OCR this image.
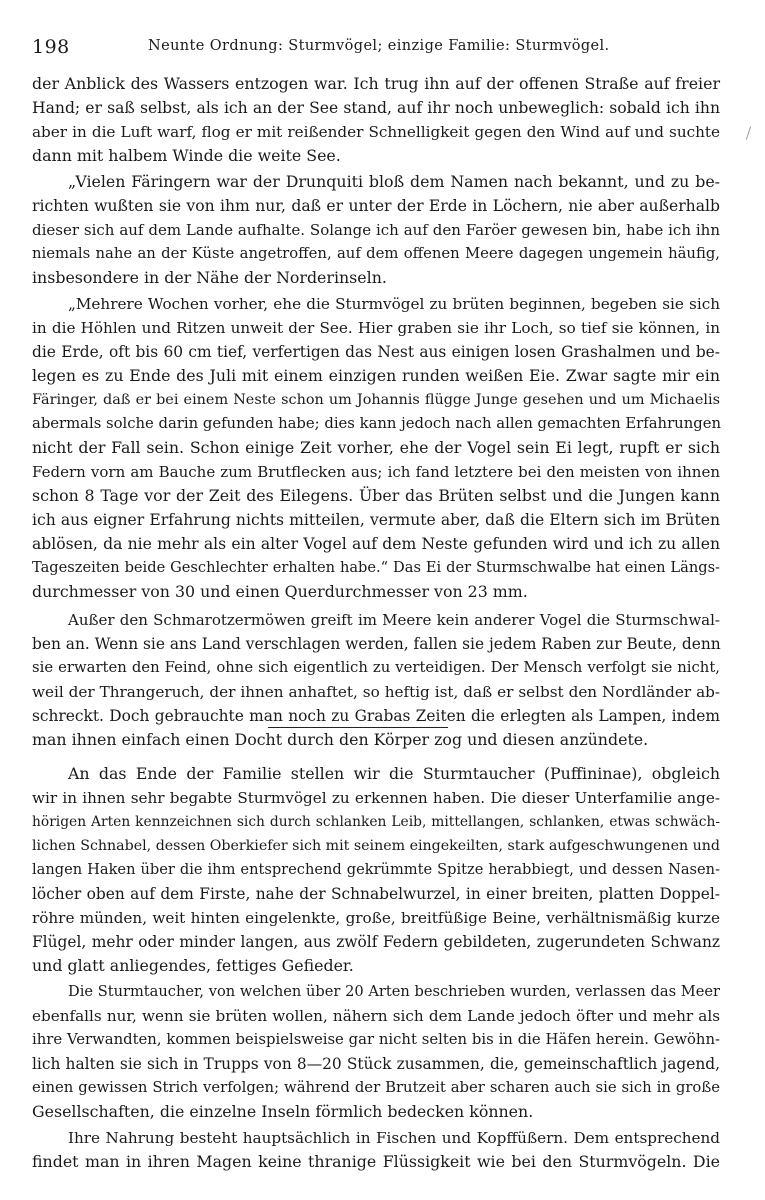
198	Neunte Ordnung: Sturmvögel; einzige Familie: Sturmvögel.
der Anblick des Wassers entzogen war. Ich trug ihn auf der offenen Straße auf freier
Hand; er saß selbst, als ich an der See stand, auf ihr noch unbeweglich: sobald ich ihn
aber in die Luft warf, flog er mit reißender Schnelligkeit gegen den Wind auf und suchte
dann mit halbem Winde die weite See.
„Vielen Färingern war der Drunquiti bloß dem Namen nach bekannt, und zu be-
richten wußten sie von ihm nur, daß er unter der Erde in Löchern, nie aber außerhalb
dieser sich auf dem Lande aufhalte. Solange ich auf den Faröer gewesen bin, habe ich ihn
niemals nahe an der Küste angetroffen, auf dem offenen Meere dagegen ungemein häufig,
insbesondere in der Nähe der Norderinseln.
„Mehrere Wochen vorher, ehe die Sturmvögel zu brüten beginnen, begeben sie sich
in die Höhlen und Ritzen unweit der See. Hier graben sie ihr Loch, so tief sie können, in
die Erde, oft bis 60 cm tief, verfertigen das Nest aus einigen losen Grashalmen und be-
legen es zu Ende des Juli mit einem einzigen runden weißen Eie. Zwar sagte mir ein
Färinger, daß er bei einem Neste schon um Johannis flügge Junge gesehen und um Michaelis
abermals solche darin gefunden habe; dies kann jedoch nach allen gemachten Erfahrungen
nicht der Fall sein. Schon einige Zeit vorher, ehe der Vogel sein Ei legt, rupft er sich
Federn vorn am Bauche zum Brutflecken aus; ich fand letztere bei den meisten von ihnen
schon 8 Tage vor der Zeit des Eilegens. Über das Brüten selbst und die Jungen kann
ich aus eigner Erfahrung nichts mitteilen, vermute aber, daß die Eltern sich im Brüten
ablösen, da nie mehr als ein alter Vogel auf dem Neste gefunden wird und ich zu allen
Tageszeiten beide Geschlechter erhalten habe.“ Das Ei der Sturmschwalbe hat einen Längs-
durchmesser von 30 und einen Querdurchmesser von 23 mm.
Außer den Schmarotzermöwen greift im Meere kein anderer Vogel die Sturmschwal-
ben an. Wenn sie ans Land verschlagen werden, fallen sie jedem Raben zur Beute, denn
sie erwarten den Feind, ohne sich eigentlich zu verteidigen. Der Mensch verfolgt sie nicht,
weil der Thrangeruch, der ihnen anhaftet, so heftig ist, daß er selbst den Nordländer ab-
schreckt. Doch gebrauchte man noch zu Grabas Zeiten die erlegten als Lampen, indem
man ihnen einfach einen Docht durch den Körper zog und diesen anzündete.
An das Ende der Familie stellen wir die Sturmtaucher (Puffininae), obgleich
wir in ihnen sehr begabte Sturmvögel zu erkennen haben. Die dieser Unterfamilie ange-
hörigen Arten kennzeichnen sich durch schlanken Leib, mittellangen, schlanken, etwas schwäch-
lichen Schnabel, dessen Oberkiefer sich mit seinem eingekeilten, stark aufgeschwungenen und
langen Haken über die ihm entsprechend gekrümmte Spitze herabbiegt, und dessen Nasen-
löcher oben auf dem Firste, nahe der Schnabelwurzel, in einer breiten, platten Doppel-
röhre münden, weit hinten eingelenkte, große, breitfüßige Beine, verhältnismäßig kurze
Flügel, mehr oder minder langen, aus zwölf Federn gebildeten, zugerundeten Schwanz
und glatt anliegendes, fettiges Gefieder.
Die Sturmtaucher, von welchen über 20 Arten beschrieben wurden, verlassen das Meer
ebenfalls nur, wenn sie brüten wollen, nähern sich dem Lande jedoch öfter und mehr als
ihre Verwandten, kommen beispielsweise gar nicht selten bis in die Häfen herein. Gewöhn-
lich halten sie sich in Trupps von 8—20 Stück zusammen, die, gemeinschaftlich jagend,
einen gewissen Strich verfolgen; während der Brutzeit aber scharen auch sie sich in große
Gesellschaften, die einzelne Inseln förmlich bedecken können.
Ihre Nahrung besteht hauptsächlich in Fischen und Kopffüßern. Dem entsprechend
findet man in ihren Magen keine thranige Flüssigkeit wie bei den Sturmvögeln. Die
